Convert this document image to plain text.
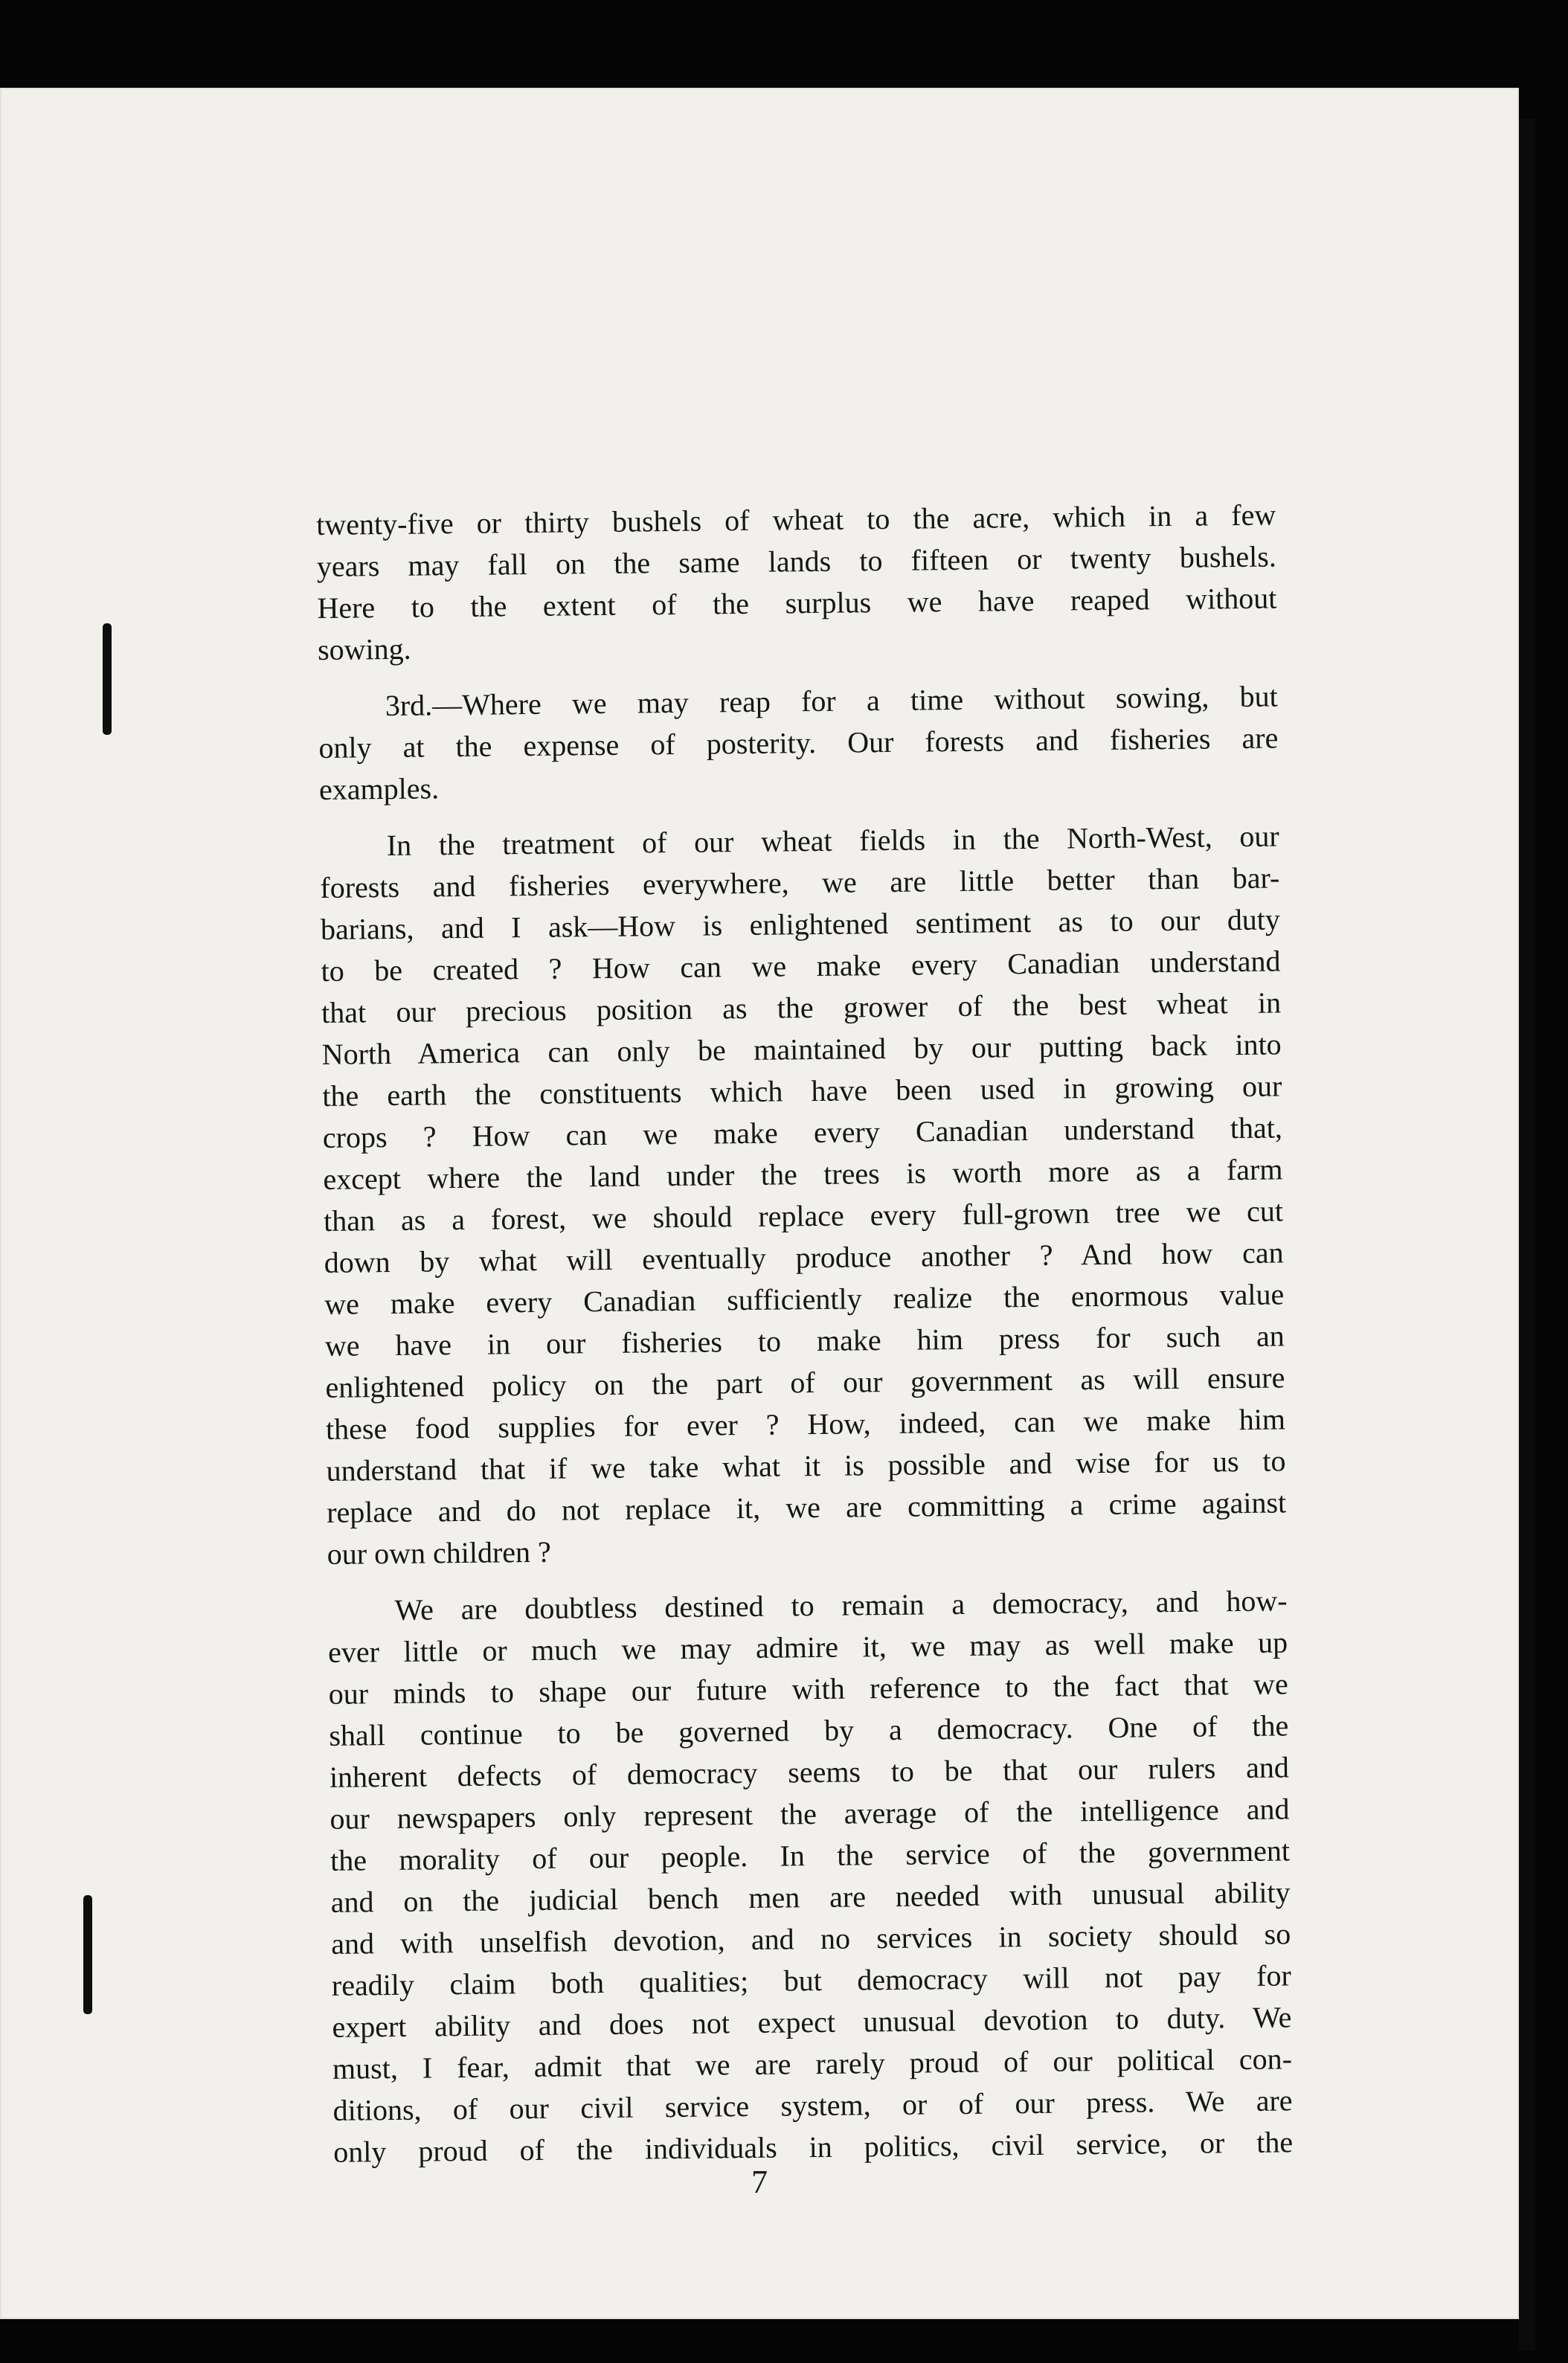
twenty-five or thirty bushels of wheat to the acre, which in a few
years may fall on the same lands to fifteen or twenty bushels.
Here to the extent of the surplus we have reaped without
sowing.

3rd.—Where we may reap for a time without sowing, but
only at the expense of posterity. Our forests and fisheries are
examples.

In the treatment of our wheat fields in the North-West, our
forests and fisheries everywhere, we are little better than bar-
barians, and I ask—How is enlightened sentiment as to our duty
to be created ? How can we make every Canadian understand
that our precious position as the grower of the best wheat in
North America can only be maintained by our putting back into
the earth the constituents which have been used in growing our
crops ? How can we make every Canadian understand that,
except where the land under the trees is worth more as a farm
than as a forest, we should replace every full-grown tree we cut
down by what will eventually produce another ? And how can
we make every Canadian sufficiently realize the enormous value
we have in our fisheries to make him press for such an
enlightened policy on the part of our government as will ensure
these food supplies for ever ? How, indeed, can we make him
understand that if we take what it is possible and wise for us to
replace and do not replace it, we are committing a crime against
our own children ?

We are doubtless destined to remain a democracy, and how-
ever little or much we may admire it, we may as well make up
our minds to shape our future with reference to the fact that we
shall continue to be governed by a democracy. One of the
inherent defects of democracy seems to be that our rulers and
our newspapers only represent the average of the intelligence and
the morality of our people. In the service of the government
and on the judicial bench men are needed with unusual ability
and with unselfish devotion, and no services in society should so
readily claim both qualities; but democracy will not pay for
expert ability and does not expect unusual devotion to duty. We
must, I fear, admit that we are rarely proud of our political con-
ditions, of our civil service system, or of our press. We are
only proud of the individuals in politics, civil service, or the

7
